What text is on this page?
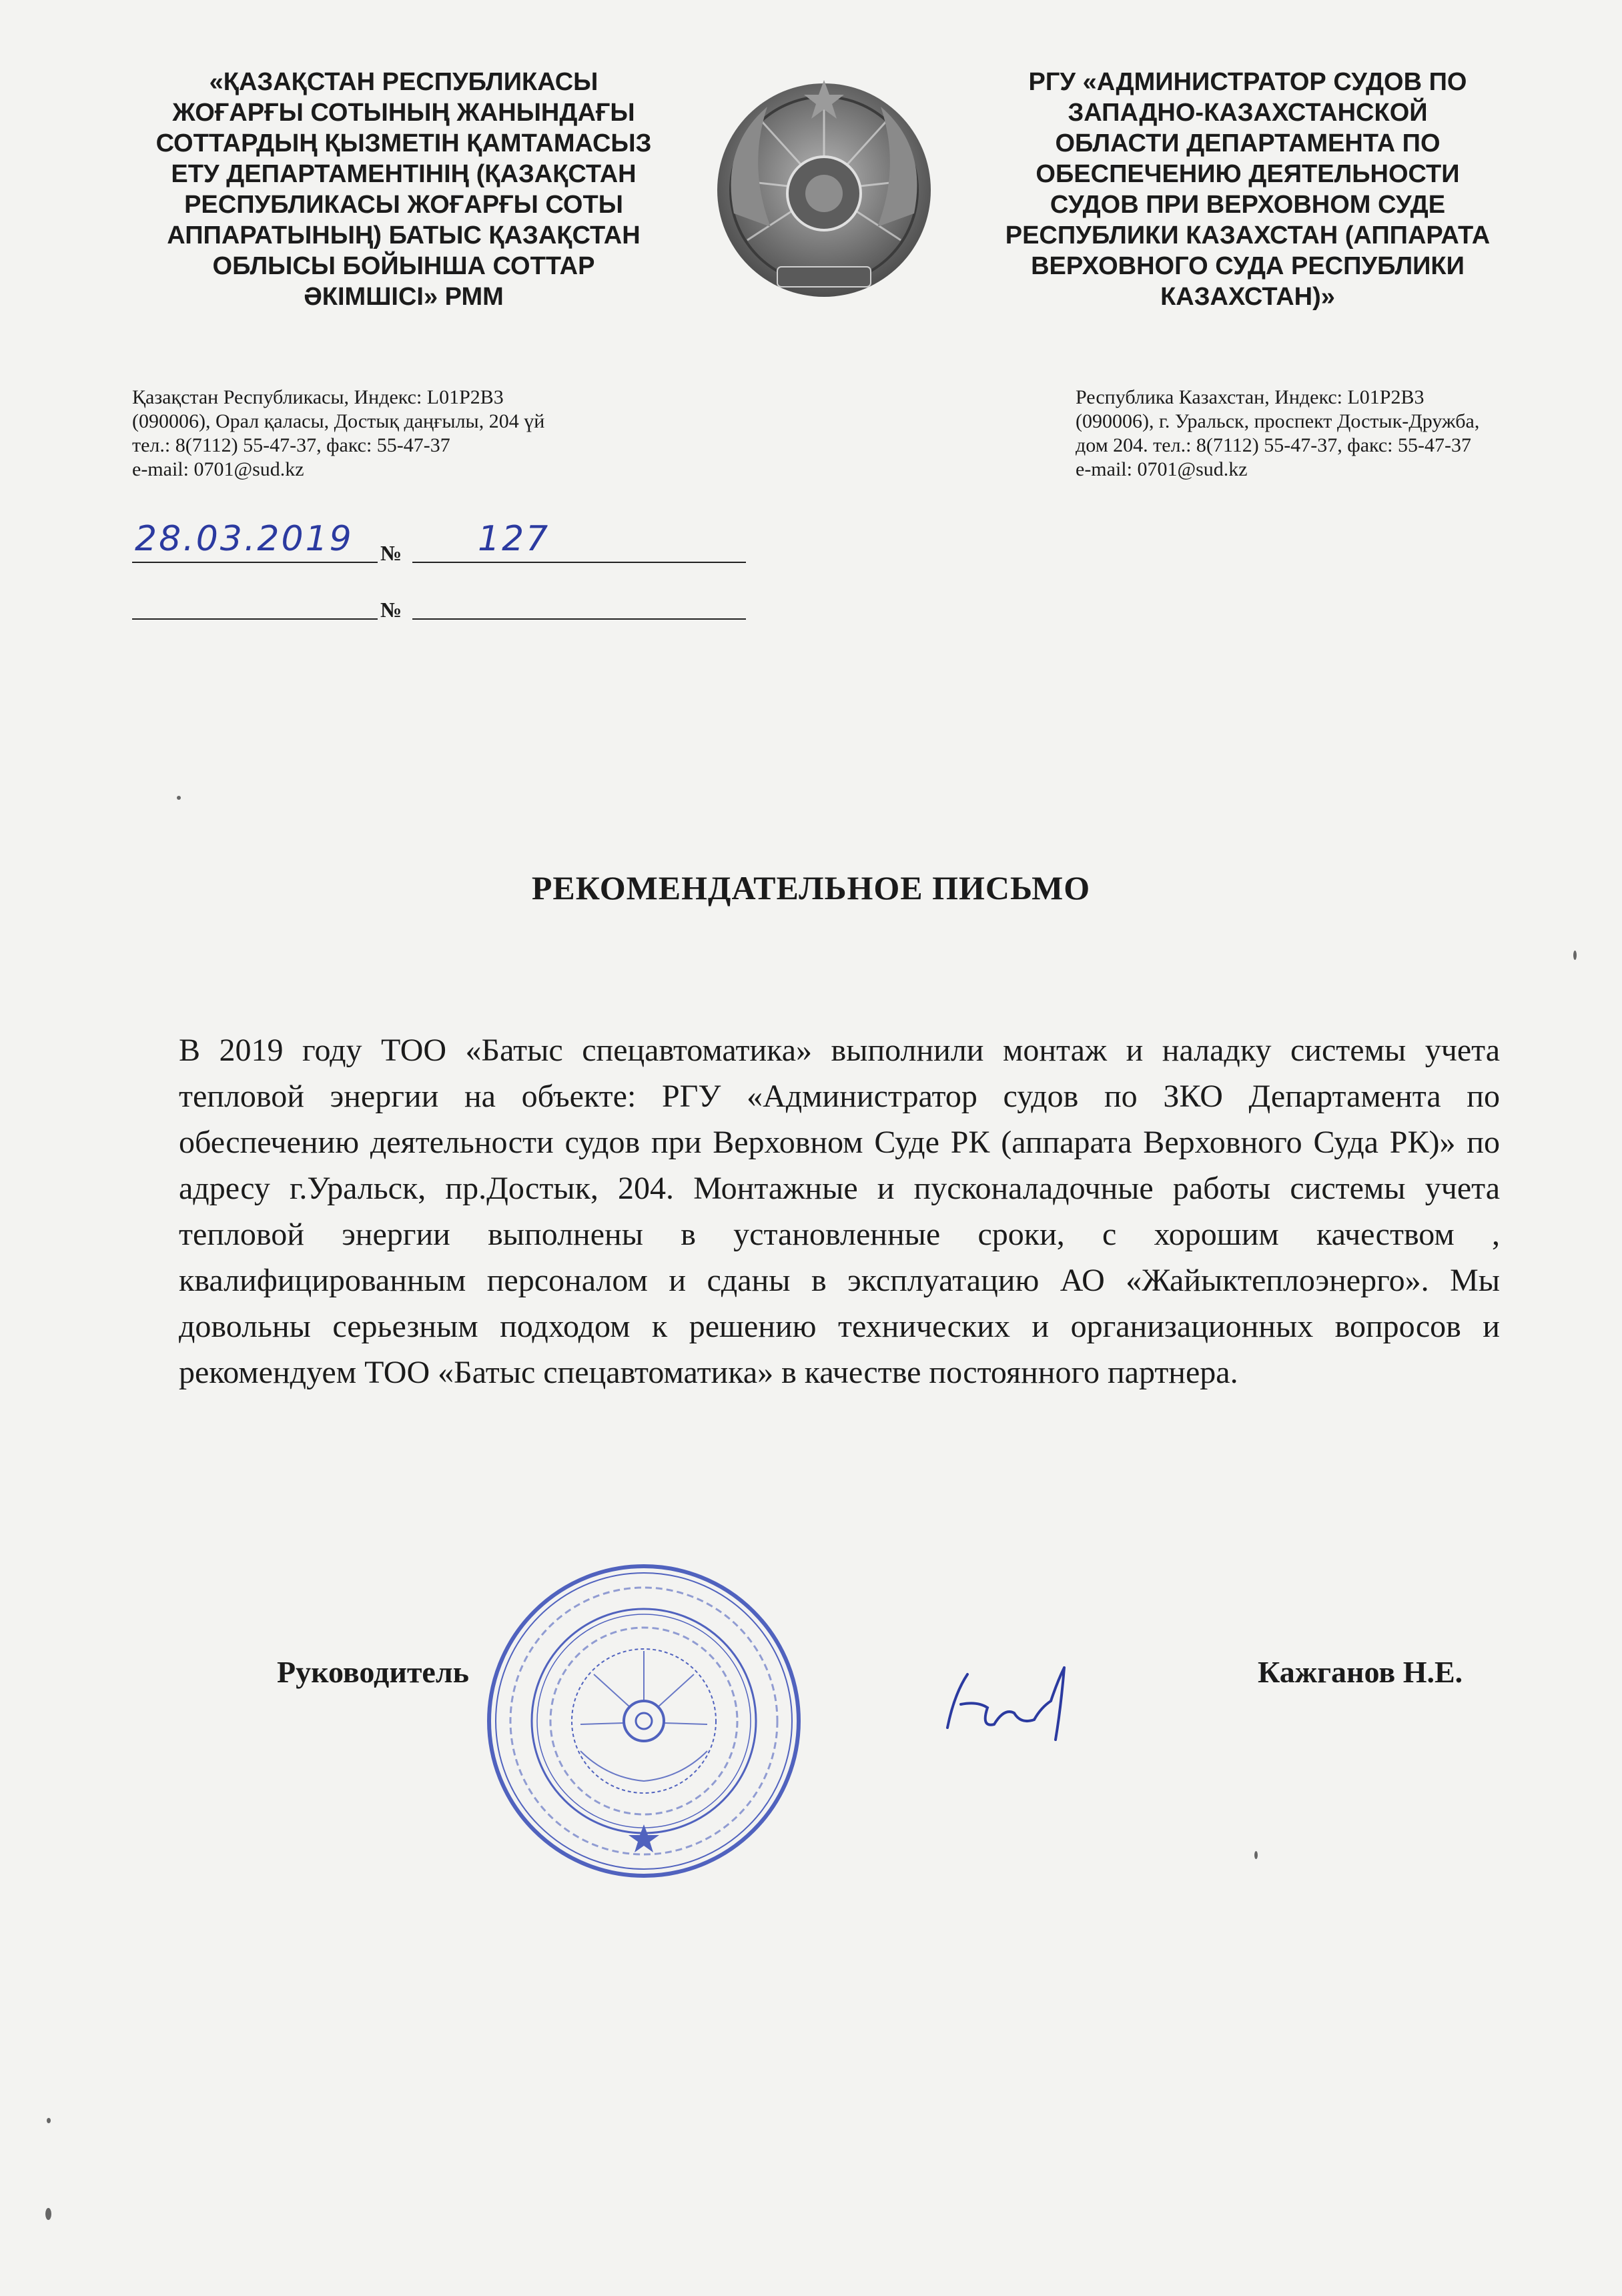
«ҚАЗАҚСТАН РЕСПУБЛИКАСЫ
ЖОҒАРҒЫ СОТЫНЫҢ ЖАНЫНДАҒЫ
СОТТАРДЫҢ ҚЫЗМЕТІН ҚАМТАМАСЫЗ
ЕТУ ДЕПАРТАМЕНТІНІҢ (ҚАЗАҚСТАН
РЕСПУБЛИКАСЫ ЖОҒАРҒЫ СОТЫ
АППАРАТЫНЫҢ) БАТЫС ҚАЗАҚСТАН
ОБЛЫСЫ БОЙЫНША СОТТАР
ӘКІМШІСІ» РММ
РГУ «АДМИНИСТРАТОР СУДОВ ПО
ЗАПАДНО-КАЗАХСТАНСКОЙ
ОБЛАСТИ ДЕПАРТАМЕНТА ПО
ОБЕСПЕЧЕНИЮ ДЕЯТЕЛЬНОСТИ
СУДОВ ПРИ ВЕРХОВНОМ СУДЕ
РЕСПУБЛИКИ КАЗАХСТАН (АППАРАТА
ВЕРХОВНОГО СУДА РЕСПУБЛИКИ
КАЗАХСТАН)»
Қазақстан Республикасы, Индекс: L01P2B3
(090006), Орал қаласы, Достық даңғылы, 204 үй
тел.: 8(7112) 55-47-37, факс: 55-47-37
e-mail: 0701@sud.kz
Республика Казахстан, Индекс: L01P2B3
(090006), г. Уральск, проспект Достык-Дружба,
дом 204. тел.: 8(7112) 55-47-37, факс: 55-47-37
e-mail: 0701@sud.kz
28.03.2019 № 127
№
РЕКОМЕНДАТЕЛЬНОЕ ПИСЬМО
В 2019 году ТОО «Батыс спецавтоматика» выполнили монтаж и наладку системы учета тепловой энергии на объекте: РГУ «Администратор судов по ЗКО Департамента по обеспечению деятельности судов при Верховном Суде РК (аппарата Верховного Суда РК)» по адресу г.Уральск, пр.Достык, 204. Монтажные и пусконаладочные работы системы учета тепловой энергии выполнены в установленные сроки, с хорошим качеством , квалифицированным персоналом и сданы в эксплуатацию АО «Жайыктеплоэнерго». Мы довольны серьезным подходом к решению технических и организационных вопросов и рекомендуем ТОО «Батыс спецавтоматика» в качестве постоянного партнера.
Руководитель	Кажганов Н.Е.
